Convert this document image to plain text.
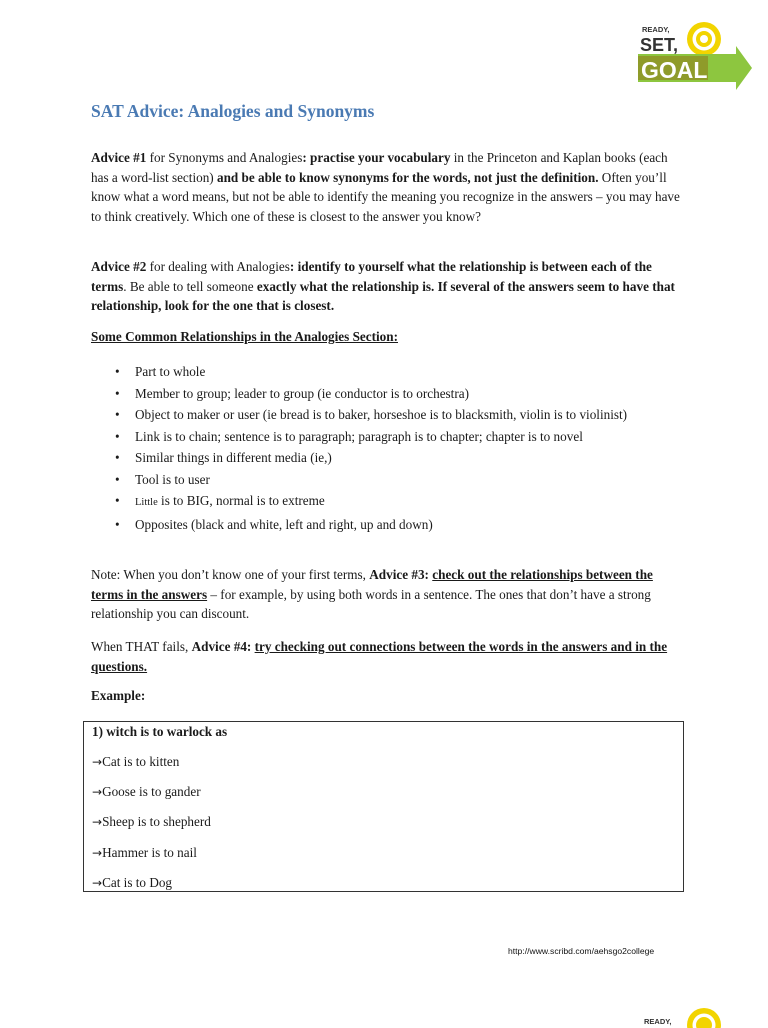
READY,
SET,
GOAL
SAT Advice: Analogies and Synonyms

Advice #1 for Synonyms and Analogies: practise your vocabulary in the Princeton and Kaplan books (each has a word-list section) and be able to know synonyms for the words, not just the definition. Often you’ll know what a word means, but not be able to identify the meaning you recognize in the answers – you may have to think creatively. Which one of these is closest to the answer you know?

Advice #2 for dealing with Analogies: identify to yourself what the relationship is between each of the terms. Be able to tell someone exactly what the relationship is. If several of the answers seem to have that relationship, look for the one that is closest.

Some Common Relationships in the Analogies Section:
• Part to whole
• Member to group; leader to group (ie conductor is to orchestra)
• Object to maker or user (ie bread is to baker, horseshoe is to blacksmith, violin is to violinist)
• Link is to chain; sentence is to paragraph; paragraph is to chapter; chapter is to novel
• Similar things in different media (ie,)
• Tool is to user
• Little is to BIG, normal is to extreme
• Opposites (black and white, left and right, up and down)

Note: When you don’t know one of your first terms, Advice #3: check out the relationships between the terms in the answers – for example, by using both words in a sentence. The ones that don’t have a strong relationship you can discount.

When THAT fails, Advice #4: try checking out connections between the words in the answers and in the questions.

Example:
1) witch is to warlock as
→Cat is to kitten
→Goose is to gander
→Sheep is to shepherd
→Hammer is to nail
→Cat is to Dog
http://www.scribd.com/aehsgo2college
READY,
